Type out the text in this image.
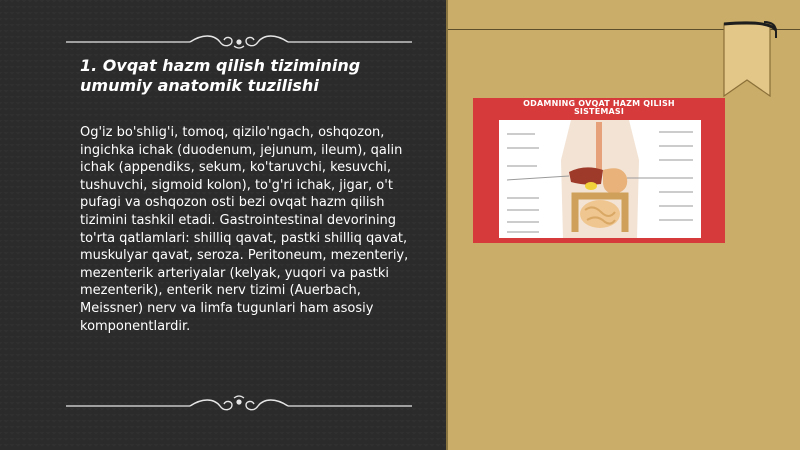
1. Ovqat hazm qilish tizimining
umumiy anatomik tuzilishi

Og'iz bo'shlig'i, tomoq, qizilo'ngach, oshqozon, ingichka ichak (duodenum, jejunum, ileum), qalin ichak (appendiks, sekum, ko'taruvchi, kesuvchi, tushuvchi, sigmoid kolon), to'g'ri ichak, jigar, o't pufagi va oshqozon osti bezi ovqat hazm qilish tizimini tashkil etadi. Gastrointestinal devorining to'rta qatlamlari: shilliq qavat, pastki shilliq qavat, muskulyar qavat, seroza. Peritoneum, mezenteriy, mezenterik arteriyalar (kelyak, yuqori va pastki mezenterik), enterik nerv tizimi (Auerbach, Meissner) nerv va limfa tugunlari ham asosiy komponentlardir.

ODAMNING OVQAT HAZM QILISH
SISTEMASI
